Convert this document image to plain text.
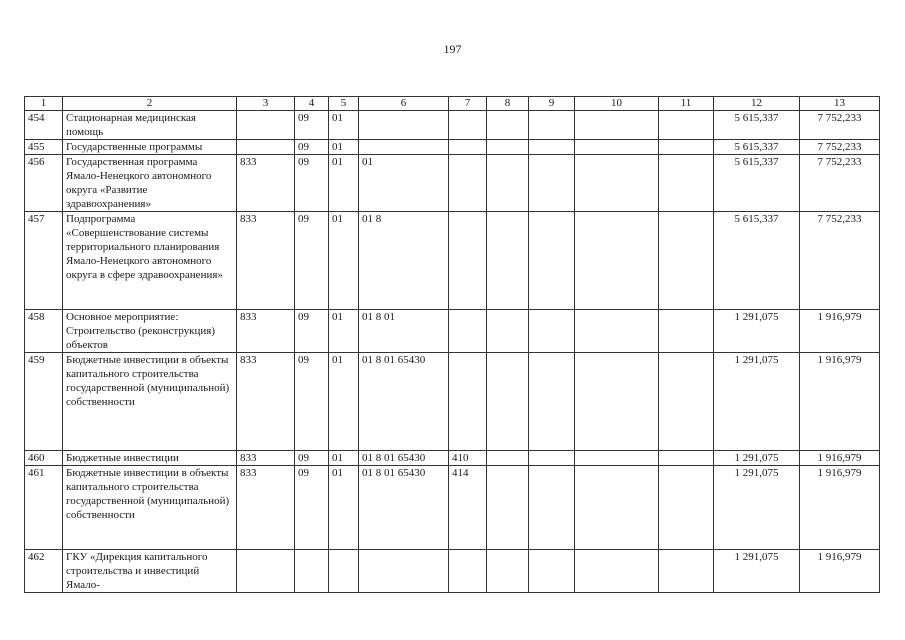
197
1	2	3	4	5	6	7	8	9	10	11	12	13
454	Стационарная медицинская помощь		09	01							5 615,337	7 752,233
455	Государственные программы		09	01							5 615,337	7 752,233
456	Государственная программа Ямало-Ненецкого автономного округа «Развитие здравоохранения»	833	09	01	01						5 615,337	7 752,233
457	Подпрограмма «Совершенствование системы территориального планирования Ямало-Ненецкого автономного округа в сфере здравоохранения»	833	09	01	01 8						5 615,337	7 752,233
458	Основное мероприятие: Строительство (реконструкция) объектов	833	09	01	01 8 01						1 291,075	1 916,979
459	Бюджетные инвестиции в объекты капитального строительства государственной (муниципальной) собственности	833	09	01	01 8 01 65430						1 291,075	1 916,979
460	Бюджетные инвестиции	833	09	01	01 8 01 65430	410					1 291,075	1 916,979
461	Бюджетные инвестиции в объекты капитального строительства государственной (муниципальной) собственности	833	09	01	01 8 01 65430	414					1 291,075	1 916,979
462	ГКУ «Дирекция капитального строительства и инвестиций Ямало-										1 291,075	1 916,979
